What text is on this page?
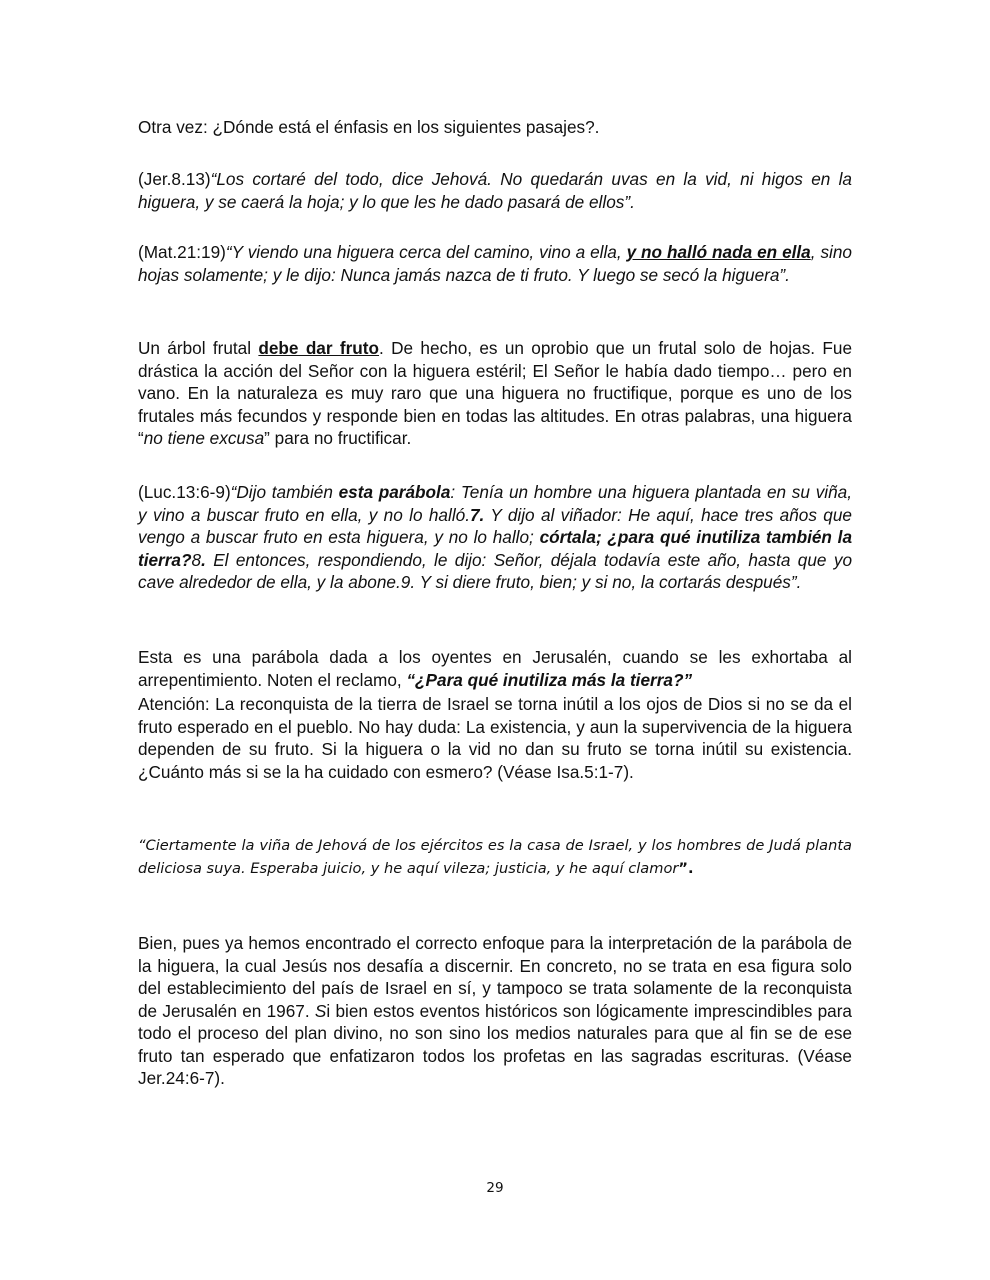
Otra vez: ¿Dónde está el énfasis en los siguientes pasajes?.

(Jer.8.13)“Los cortaré del todo, dice Jehová. No quedarán uvas en la vid, ni higos en la higuera, y se caerá la hoja; y lo que les he dado pasará de ellos”.

(Mat.21:19)“Y viendo una higuera cerca del camino, vino a ella, y no halló nada en ella, sino hojas solamente; y le dijo: Nunca jamás nazca de ti fruto. Y luego se secó la higuera”.

Un árbol frutal debe dar fruto. De hecho, es un oprobio que un frutal solo de hojas. Fue drástica la acción del Señor con la higuera estéril; El Señor le había dado tiempo… pero en vano. En la naturaleza es muy raro que una higuera no fructifique, porque es uno de los frutales más fecundos y responde bien en todas las altitudes. En otras palabras, una higuera “no tiene excusa” para no fructificar.

(Luc.13:6-9)“Dijo también esta parábola: Tenía un hombre una higuera plantada en su viña, y vino a buscar fruto en ella, y no lo halló.7. Y dijo al viñador: He aquí, hace tres años que vengo a buscar fruto en esta higuera, y no lo hallo; córtala; ¿para qué inutiliza también la tierra?8. El entonces, respondiendo, le dijo: Señor, déjala todavía este año, hasta que yo cave alrededor de ella, y la abone.9. Y si diere fruto, bien; y si no, la cortarás después”.

Esta es una parábola dada a los oyentes en Jerusalén, cuando se les exhortaba al arrepentimiento. Noten el reclamo, “¿Para qué inutiliza más la tierra?”

Atención: La reconquista de la tierra de Israel se torna inútil a los ojos de Dios si no se da el fruto esperado en el pueblo. No hay duda: La existencia, y aun la supervivencia de la higuera dependen de su fruto. Si la higuera o la vid no dan su fruto se torna inútil su existencia. ¿Cuánto más si se la ha cuidado con esmero? (Véase Isa.5:1-7).

“Ciertamente la viña de Jehová de los ejércitos es la casa de Israel, y los hombres de Judá planta deliciosa suya. Esperaba juicio, y he aquí vileza; justicia, y he aquí clamor”.

Bien, pues ya hemos encontrado el correcto enfoque para la interpretación de la parábola de la higuera, la cual Jesús nos desafía a discernir. En concreto, no se trata en esa figura solo del establecimiento del país de Israel en sí, y tampoco se trata solamente de la reconquista de Jerusalén en 1967. Si bien estos eventos históricos son lógicamente imprescindibles para todo el proceso del plan divino, no son sino los medios naturales para que al fin se de ese fruto tan esperado que enfatizaron todos los profetas en las sagradas escrituras. (Véase Jer.24:6-7).

29
